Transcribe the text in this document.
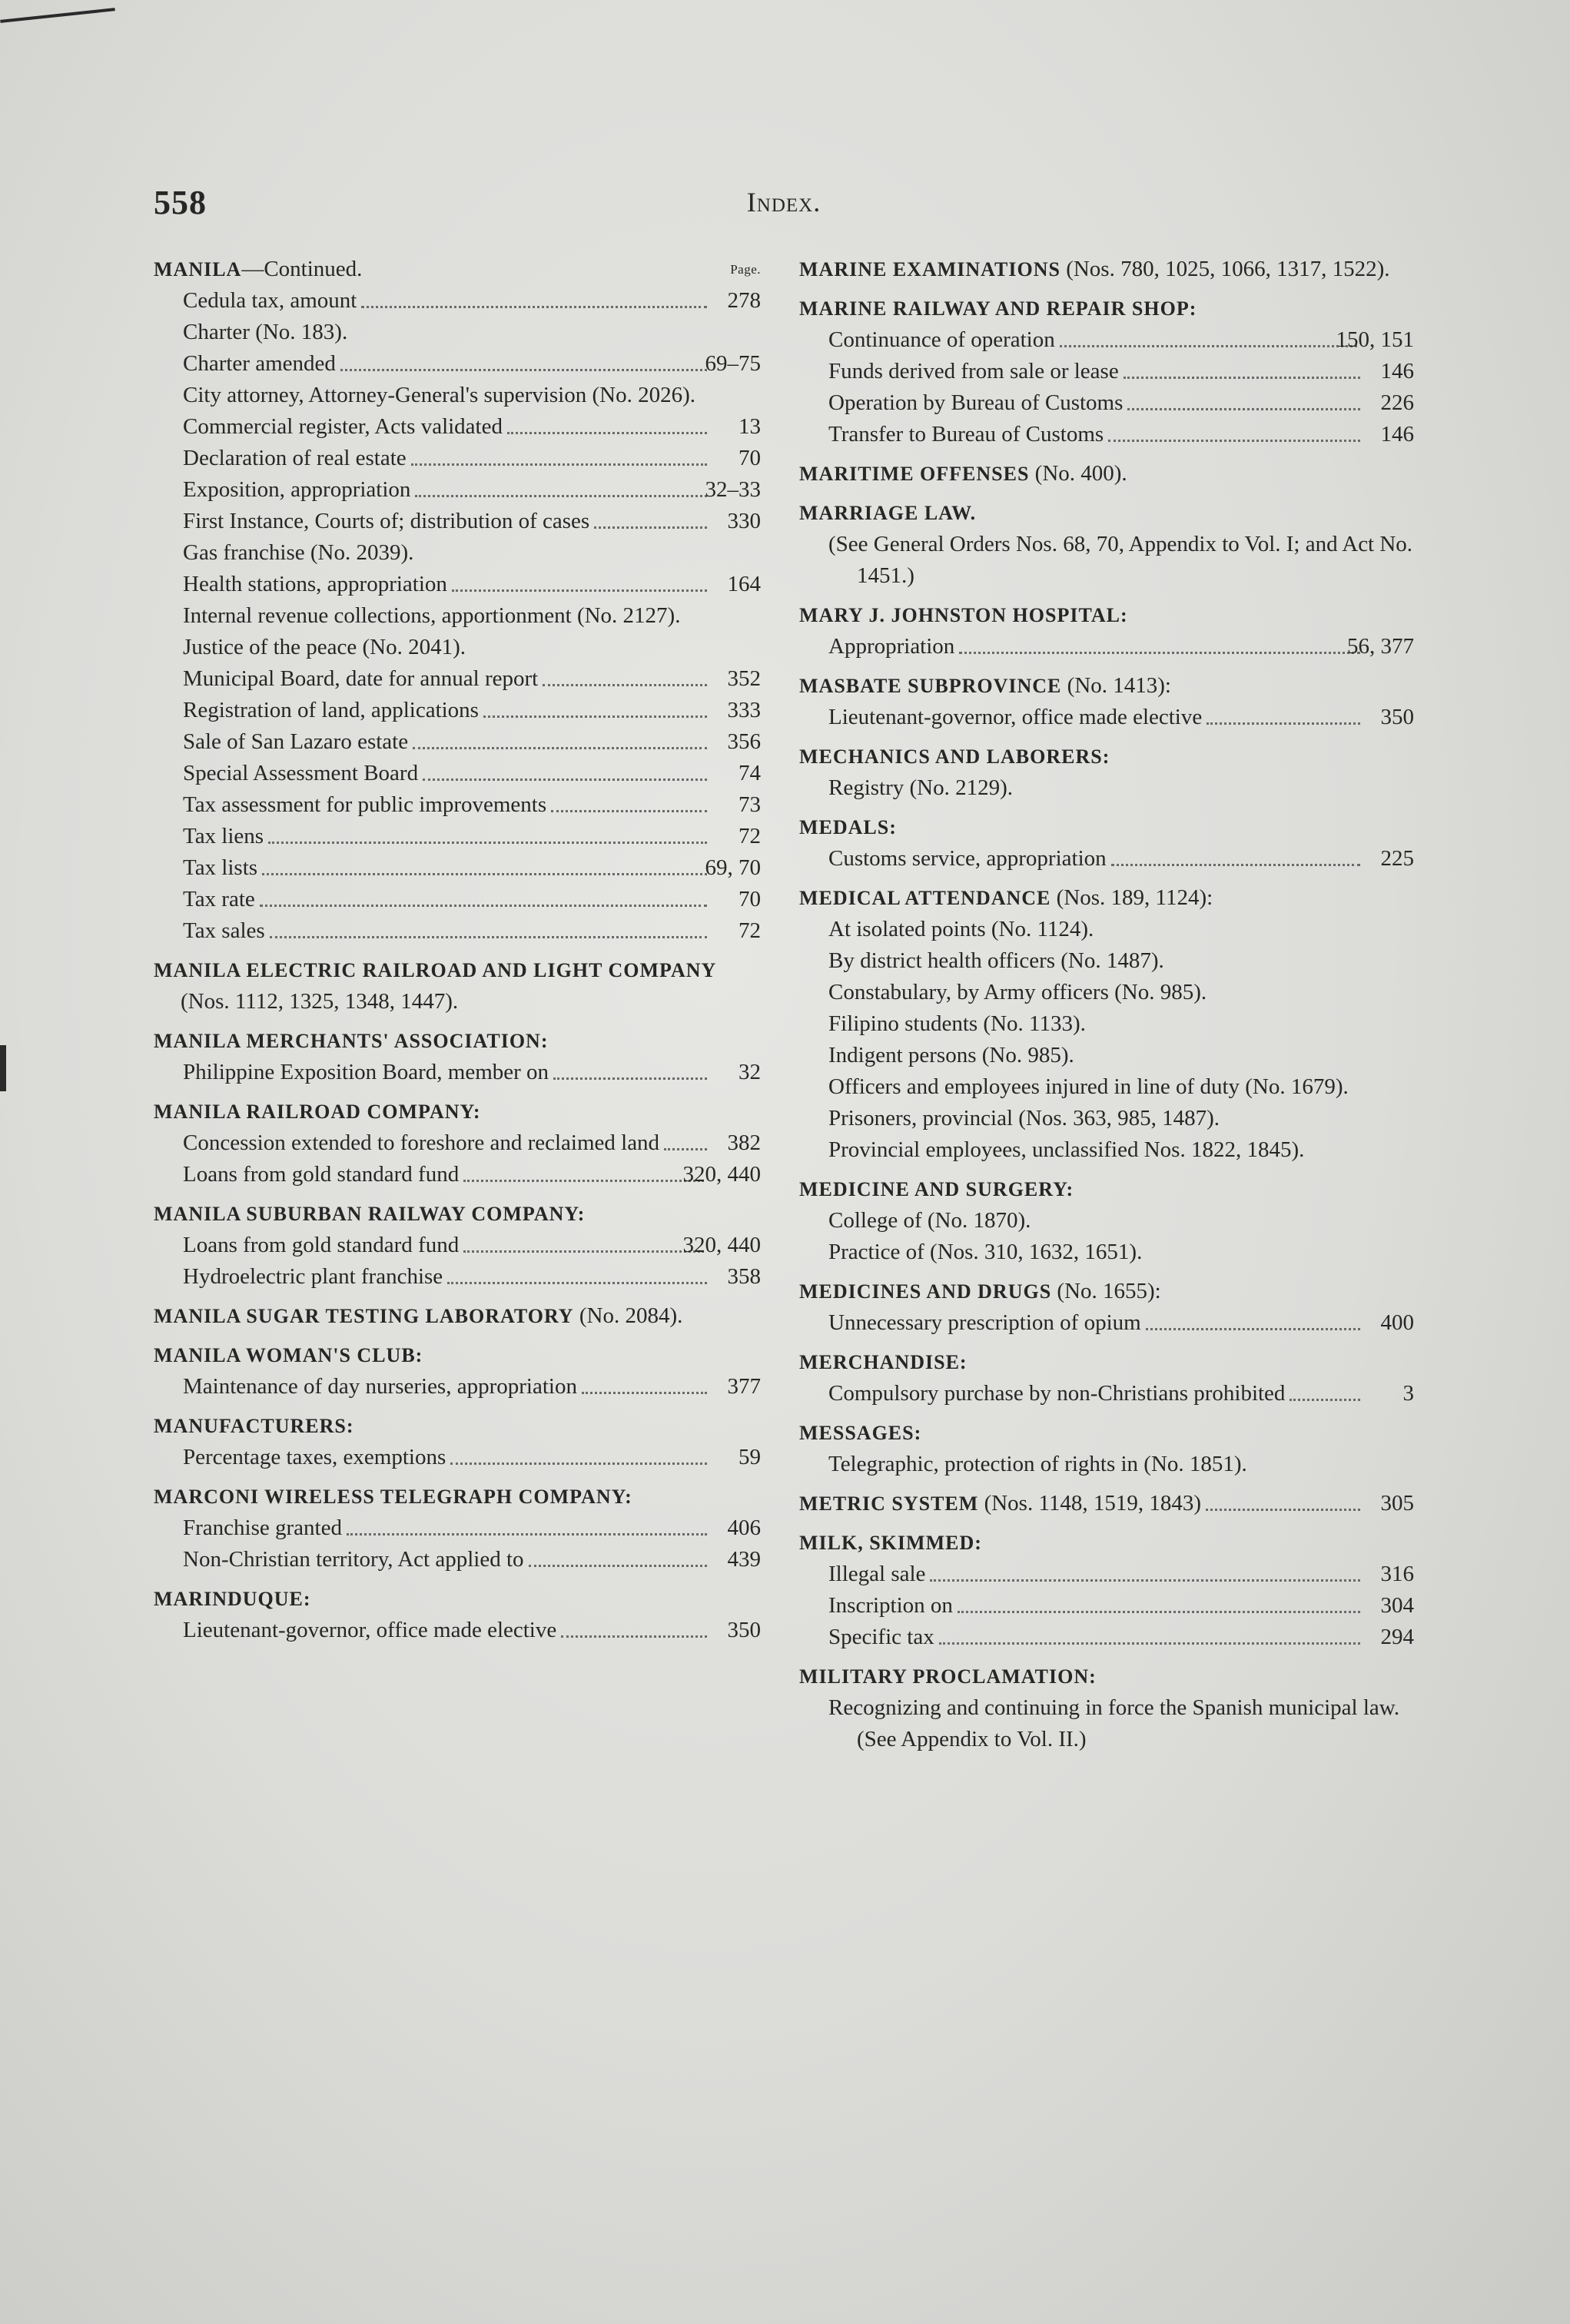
558	Index.
MANILA—Continued.	Page.
Cedula tax, amount	278
Charter (No. 183).
Charter amended	69–75
City attorney, Attorney-General's supervision (No. 2026).
Commercial register, Acts validated	13
Declaration of real estate	70
Exposition, appropriation	32–33
First Instance, Courts of; distribution of cases	330
Gas franchise (No. 2039).
Health stations, appropriation	164
Internal revenue collections, apportionment (No. 2127).
Justice of the peace (No. 2041).
Municipal Board, date for annual report	352
Registration of land, applications	333
Sale of San Lazaro estate	356
Special Assessment Board	74
Tax assessment for public improvements	73
Tax liens	72
Tax lists	69, 70
Tax rate	70
Tax sales	72
MANILA ELECTRIC RAILROAD AND LIGHT COMPANY (Nos. 1112, 1325, 1348, 1447).
MANILA MERCHANTS' ASSOCIATION:
Philippine Exposition Board, member on	32
MANILA RAILROAD COMPANY:
Concession extended to foreshore and reclaimed land	382
Loans from gold standard fund	320, 440
MANILA SUBURBAN RAILWAY COMPANY:
Loans from gold standard fund	320, 440
Hydroelectric plant franchise	358
MANILA SUGAR TESTING LABORATORY (No. 2084).
MANILA WOMAN'S CLUB:
Maintenance of day nurseries, appropriation	377
MANUFACTURERS:
Percentage taxes, exemptions	59
MARCONI WIRELESS TELEGRAPH COMPANY:
Franchise granted	406
Non-Christian territory, Act applied to	439
MARINDUQUE:
Lieutenant-governor, office made elective	350
MARINE EXAMINATIONS (Nos. 780, 1025, 1066, 1317, 1522).
MARINE RAILWAY AND REPAIR SHOP:
Continuance of operation	150, 151
Funds derived from sale or lease	146
Operation by Bureau of Customs	226
Transfer to Bureau of Customs	146
MARITIME OFFENSES (No. 400).
MARRIAGE LAW.
(See General Orders Nos. 68, 70, Appendix to Vol. I; and Act No. 1451.)
MARY J. JOHNSTON HOSPITAL:
Appropriation	56, 377
MASBATE SUBPROVINCE (No. 1413):
Lieutenant-governor, office made elective	350
MECHANICS AND LABORERS:
Registry (No. 2129).
MEDALS:
Customs service, appropriation	225
MEDICAL ATTENDANCE (Nos. 189, 1124):
At isolated points (No. 1124).
By district health officers (No. 1487).
Constabulary, by Army officers (No. 985).
Filipino students (No. 1133).
Indigent persons (No. 985).
Officers and employees injured in line of duty (No. 1679).
Prisoners, provincial (Nos. 363, 985, 1487).
Provincial employees, unclassified Nos. 1822, 1845).
MEDICINE AND SURGERY:
College of (No. 1870).
Practice of (Nos. 310, 1632, 1651).
MEDICINES AND DRUGS (No. 1655):
Unnecessary prescription of opium	400
MERCHANDISE:
Compulsory purchase by non-Christians prohibited	3
MESSAGES:
Telegraphic, protection of rights in (No. 1851).
METRIC SYSTEM (Nos. 1148, 1519, 1843)	305
MILK, SKIMMED:
Illegal sale	316
Inscription on	304
Specific tax	294
MILITARY PROCLAMATION:
Recognizing and continuing in force the Spanish municipal law. (See Appendix to Vol. II.)
